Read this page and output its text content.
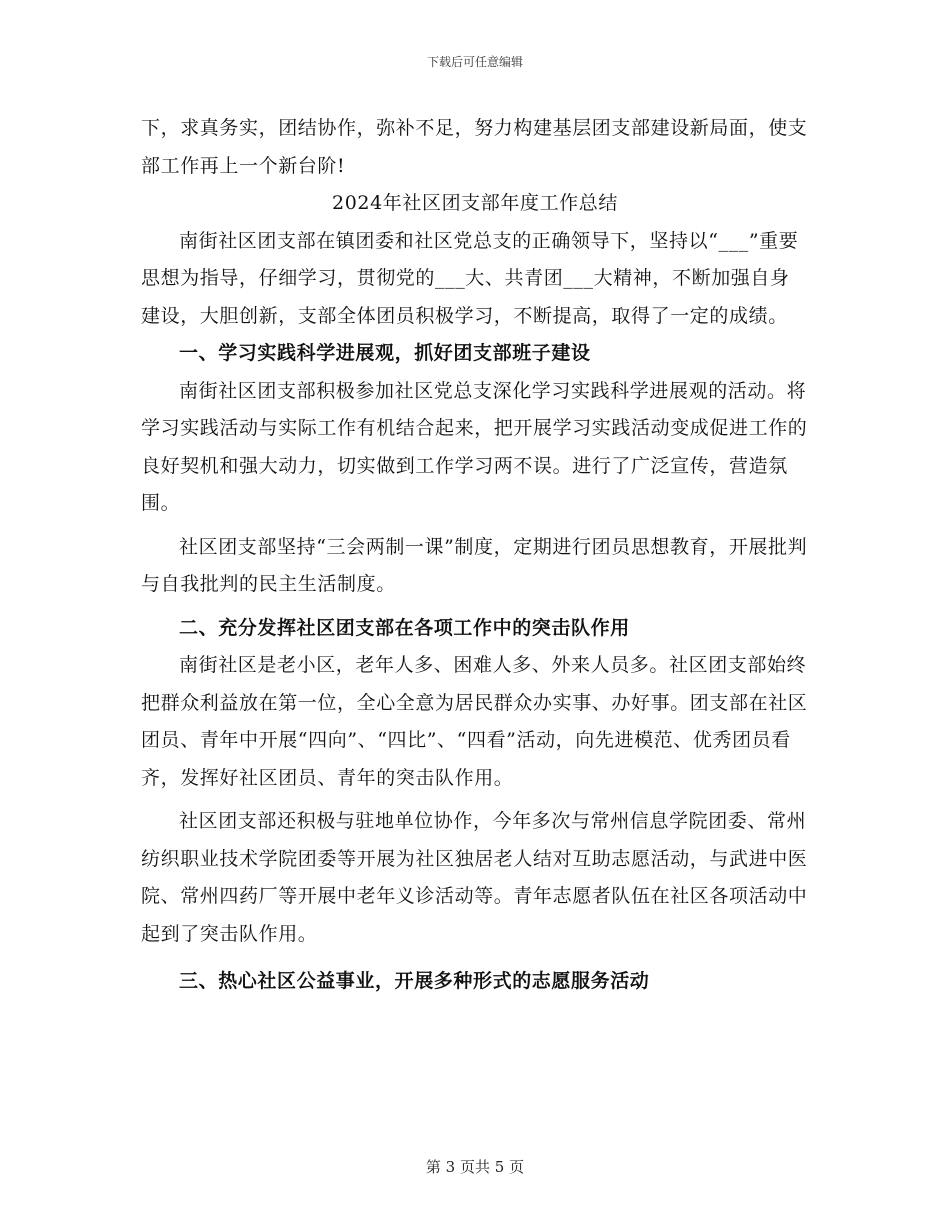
下载后可任意编辑

下，求真务实，团结协作，弥补不足，努力构建基层团支部建设新局面，使支部工作再上一个新台阶!

2024年社区团支部年度工作总结

南街社区团支部在镇团委和社区党总支的正确领导下，坚持以“___”重要思想为指导，仔细学习，贯彻党的___大、共青团___大精神，不断加强自身建设，大胆创新，支部全体团员积极学习，不断提高，取得了一定的成绩。

一、学习实践科学进展观，抓好团支部班子建设

南街社区团支部积极参加社区党总支深化学习实践科学进展观的活动。将学习实践活动与实际工作有机结合起来，把开展学习实践活动变成促进工作的良好契机和强大动力，切实做到工作学习两不误。进行了广泛宣传，营造氛围。

社区团支部坚持“三会两制一课”制度，定期进行团员思想教育，开展批判与自我批判的民主生活制度。

二、充分发挥社区团支部在各项工作中的突击队作用

南街社区是老小区，老年人多、困难人多、外来人员多。社区团支部始终把群众利益放在第一位，全心全意为居民群众办实事、办好事。团支部在社区团员、青年中开展“四向”、“四比”、“四看”活动，向先进模范、优秀团员看齐，发挥好社区团员、青年的突击队作用。

社区团支部还积极与驻地单位协作，今年多次与常州信息学院团委、常州纺织职业技术学院团委等开展为社区独居老人结对互助志愿活动，与武进中医院、常州四药厂等开展中老年义诊活动等。青年志愿者队伍在社区各项活动中起到了突击队作用。

三、热心社区公益事业，开展多种形式的志愿服务活动

第 3 页共 5 页
